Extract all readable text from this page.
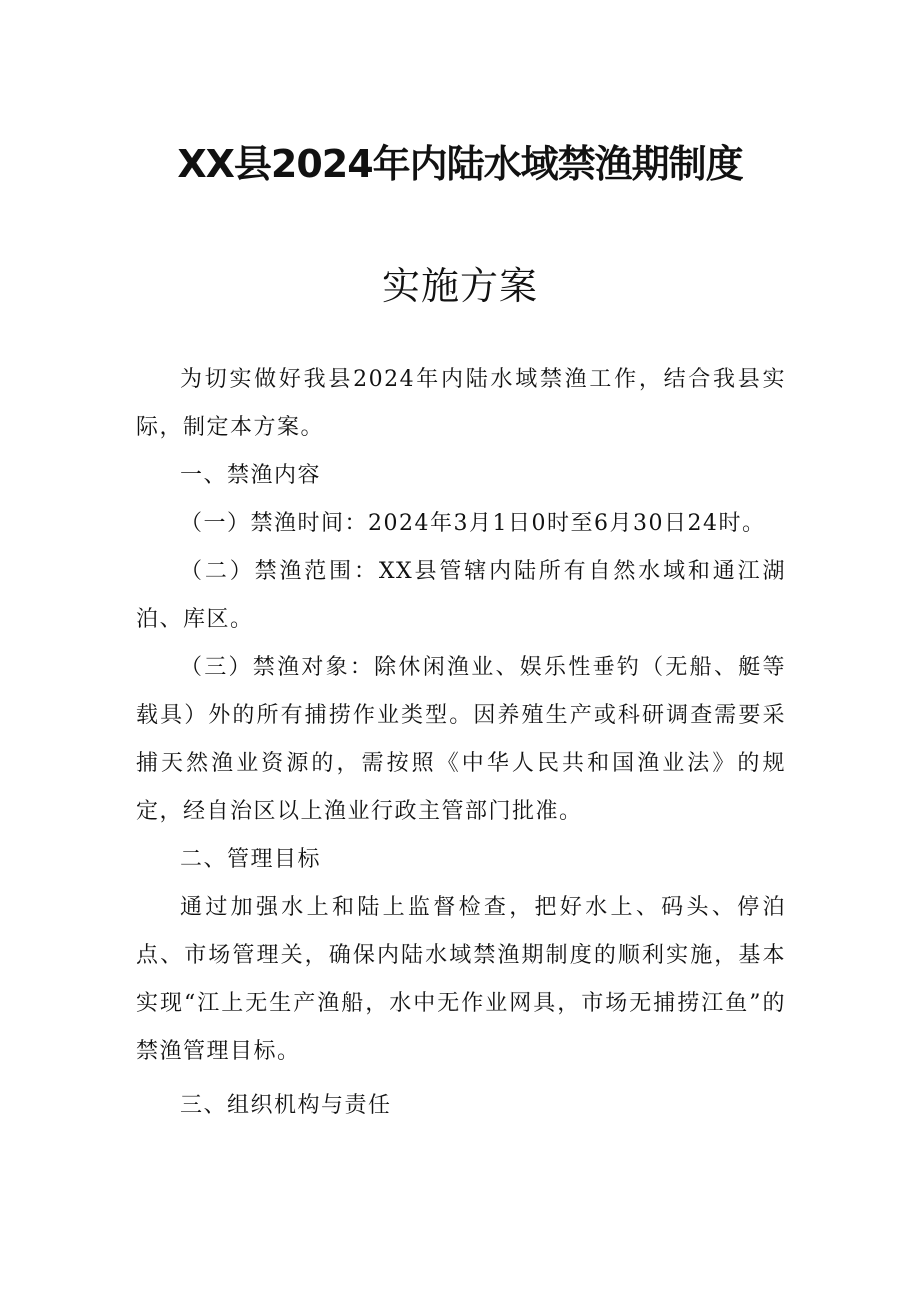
XX县2024年内陆水域禁渔期制度
实施方案

为切实做好我县2024年内陆水域禁渔工作，结合我县实际，制定本方案。

一、禁渔内容

（一）禁渔时间：2024年3月1日0时至6月30日24时。

（二）禁渔范围：XX县管辖内陆所有自然水域和通江湖泊、库区。

（三）禁渔对象：除休闲渔业、娱乐性垂钓（无船、艇等载具）外的所有捕捞作业类型。因养殖生产或科研调查需要采捕天然渔业资源的，需按照《中华人民共和国渔业法》的规定，经自治区以上渔业行政主管部门批准。

二、管理目标

通过加强水上和陆上监督检查，把好水上、码头、停泊点、市场管理关，确保内陆水域禁渔期制度的顺利实施，基本实现“江上无生产渔船，水中无作业网具，市场无捕捞江鱼”的禁渔管理目标。

三、组织机构与责任
